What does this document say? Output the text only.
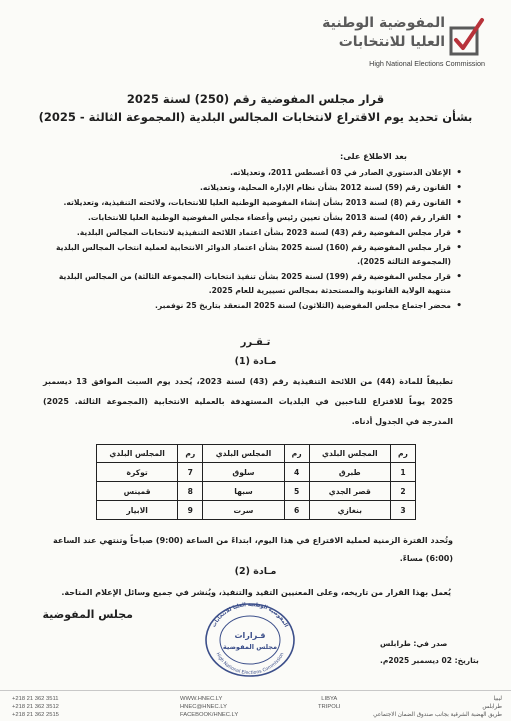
المفوضية الوطنية
العليا للانتخابات
High National Elections Commission
قرار مجلس المفوضية رقم (250) لسنة 2025
بشأن تحديد يوم الاقتراع لانتخابات المجالس البلدية (المجموعة الثالثة - 2025)
بعد الاطلاع على:
• الإعلان الدستوري الصادر في 03 أغسطس 2011، وتعديلاته.
• القانون رقم (59) لسنة 2012 بشأن نظام الإدارة المحلية، وتعديلاته.
• القانون رقم (8) لسنة 2013 بشأن إنشاء المفوضية الوطنية العليا للانتخابات، ولائحته التنفيذية، وتعديلاته.
• القرار رقم (40) لسنة 2013 بشأن تعيين رئيس وأعضاء مجلس المفوضية الوطنية العليا للانتخابات.
• قرار مجلس المفوضية رقم (43) لسنة 2023 بشأن اعتماد اللائحة التنفيذية لانتخابات المجالس البلدية.
• قرار مجلس المفوضية رقم (160) لسنة 2025 بشأن اعتماد الدوائر الانتخابية لعملية انتخاب المجالس البلدية (المجموعة الثالثة 2025).
• قرار مجلس المفوضية رقم (199) لسنة 2025 بشأن تنفيذ انتخابات (المجموعة الثالثة) من المجالس البلدية منتهية الولاية القانونية والمستحدثة بمجالس تسييرية للعام 2025.
• محضر اجتماع مجلس المفوضية (الثلاثون) لسنة 2025 المنعقد بتاريخ 25 نوفمبر.
تـقـرر
مـادة (1)
تطبيقاً للمادة (44) من اللائحة التنفيذية رقم (43) لسنة 2023، يُحدد يوم السبت الموافق 13 ديسمبر 2025 يوماً للاقتراع للناخبين في البلديات المستهدفة بالعملية الانتخابية (المجموعة الثالثة. 2025) المدرجة في الجدول أدناه.
رم	المجلس البلدي	رم	المجلس البلدي	رم	المجلس البلدي
1	طبرق	4	سلوق	7	توكرة
2	قصر الجدي	5	سبها	8	قمينس
3	بنغازي	6	سرت	9	الابيار
وتُحدد الفترة الزمنية لعملية الاقتراع في هذا اليوم، ابتداءً من الساعة (9:00) صباحاً وتنتهي عند الساعة (6:00) مساءً.
مـادة (2)
يُعمل بهذا القرار من تاريخه، وعلى المعنيين التقيد والتنفيذ، ويُنشر في جميع وسائل الإعلام المتاحة.
مجلس المفوضية
المفوضية الوطنية العليا للانتخابات
High National Elections Commission
قـرارات
مجلس المفوضية	صدر في: طرابلس
بتاريخ: 02 ديسمبر 2025م.
+218 21 362 3511
+218 21 362 3512
+218 21 362 2515
WWW.HNEC.LY
HNEC@HNEC.LY
FACEBOOK/HNEC.LY
LIBYA
TRIPOLI
ليبيا
طرابلس
طريق الهضبة الشرقية بجانب صندوق الضمان الاجتماعي
